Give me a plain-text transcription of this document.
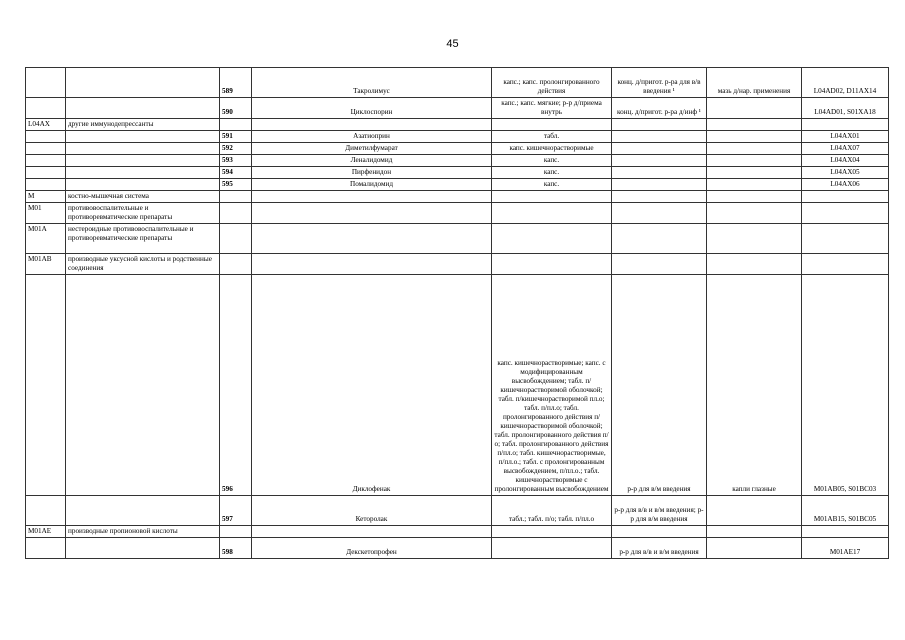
45
		589	Такролимус	капс.; капс. пролонгированного действия	конц. д/пригот. р-ра для в/в введения ¹	мазь д/нар. применения	L04AD02, D11AX14
		590	Циклоспорин	капс.; капс. мягкие; р-р д/приема внутрь	конц. д/пригот. р-ра д/инф ¹		L04AD01, S01XA18
L04AX	другие иммунодепрессанты						
		591	Азатиоприн	табл.			L04AX01
		592	Диметилфумарат	капс. кишечнорастворимые			L04AX07
		593	Леналидомид	капс.			L04AX04
		594	Пирфенидон	капс.			L04AX05
		595	Помалидомид	капс.			L04AX06
M	костно-мышечная система						
M01	противовоспалительные и противоревматические препараты						
M01A	нестероидные противовоспалительные и противоревматические препараты						
M01AB	производные уксусной кислоты и родственные соединения						
		596	Диклофенак	капс. кишечнорастворимые; капс. с модифицированным высвобождением; табл. п/кишечнорастворимой оболочкой; табл. п/кишечнорастворимой пл.о; табл. п/пл.о; табл. пролонгированного действия п/кишечнорастворимой оболочкой; табл. пролонгированного действия п/о; табл. пролонгированного действия п/пл.о; табл. кишечнорастворимые, п/пл.о.; табл. с пролонгированным высвобождением, п/пл.о.; табл. кишечнорастворимые с пролонгированным высвобождением	р-р для в/м введения	капли глазные	M01AB05, S01BC03
		597	Кеторолак	табл.; табл. п/о; табл. п/пл.о	р-р для в/в и в/м введения; р-р для в/м введения		M01AB15, S01BC05
M01AE	производные пропионовой кислоты						
		598	Декскетопрофен		р-р для в/в и в/м введения		M01AE17
